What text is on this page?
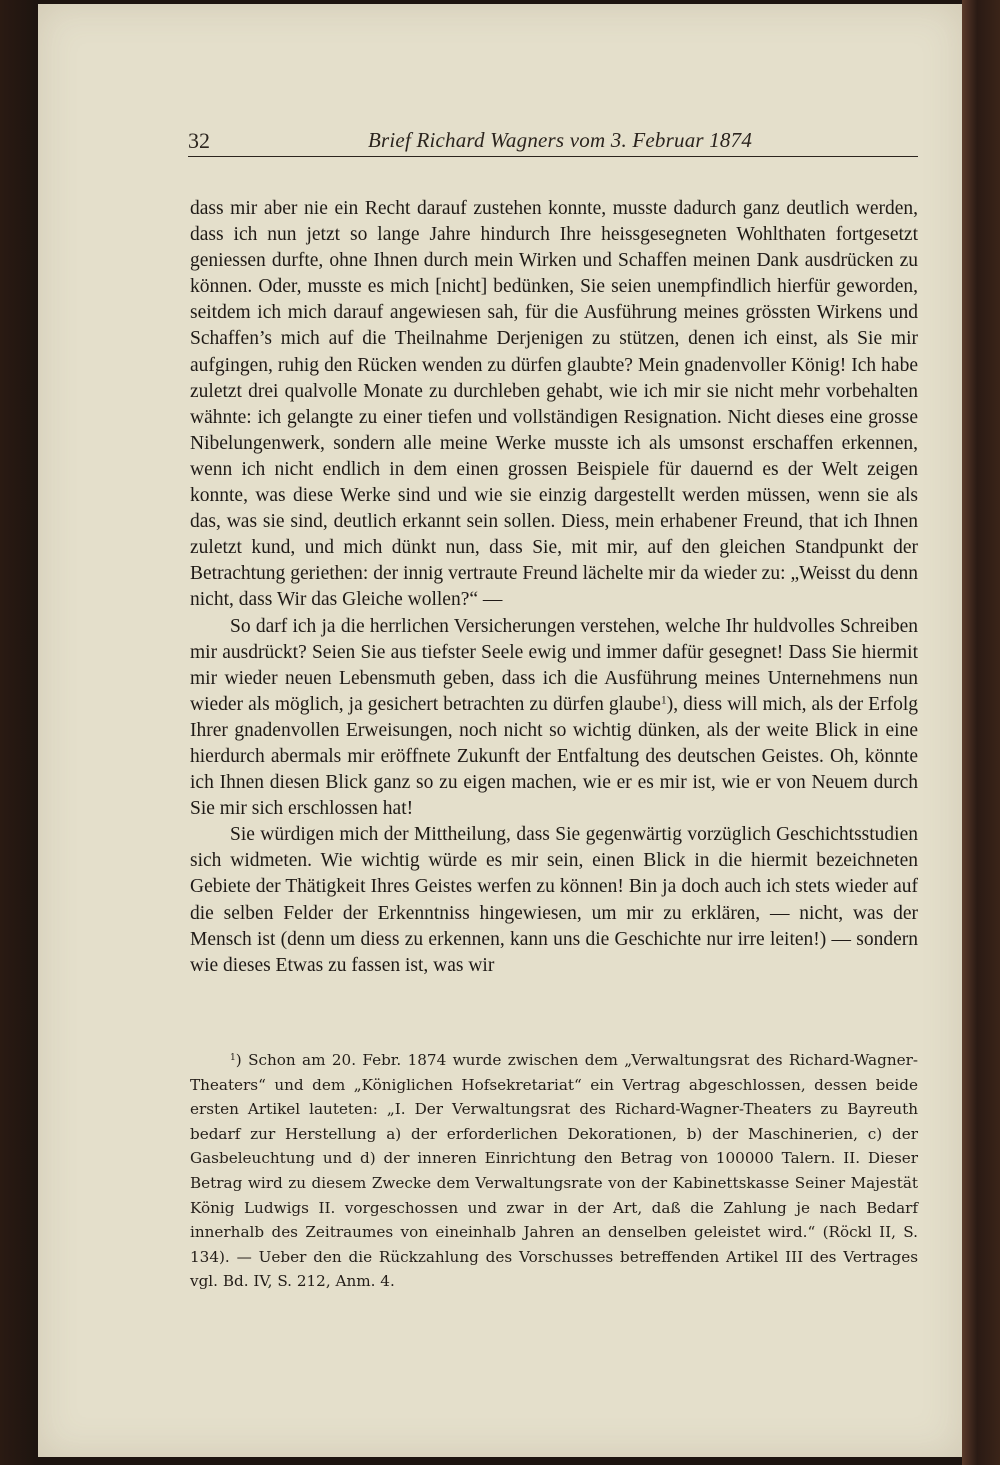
32	Brief Richard Wagners vom 3. Februar 1874

dass mir aber nie ein Recht darauf zustehen konnte, musste dadurch ganz deutlich werden, dass ich nun jetzt so lange Jahre hindurch Ihre heissgesegneten Wohlthaten fortgesetzt geniessen durfte, ohne Ihnen durch mein Wirken und Schaffen meinen Dank ausdrücken zu können. Oder, musste es mich [nicht] bedünken, Sie seien unempfindlich hierfür geworden, seitdem ich mich darauf angewiesen sah, für die Ausführung meines grössten Wirkens und Schaffen’s mich auf die Theilnahme Derjenigen zu stützen, denen ich einst, als Sie mir aufgingen, ruhig den Rücken wenden zu dürfen glaubte? Mein gnadenvoller König! Ich habe zuletzt drei qualvolle Monate zu durchleben gehabt, wie ich mir sie nicht mehr vorbehalten wähnte: ich gelangte zu einer tiefen und vollständigen Resignation. Nicht dieses eine grosse Nibelungenwerk, sondern alle meine Werke musste ich als umsonst erschaffen erkennen, wenn ich nicht endlich in dem einen grossen Beispiele für dauernd es der Welt zeigen konnte, was diese Werke sind und wie sie einzig dargestellt werden müssen, wenn sie als das, was sie sind, deutlich erkannt sein sollen. Diess, mein erhabener Freund, that ich Ihnen zuletzt kund, und mich dünkt nun, dass Sie, mit mir, auf den gleichen Standpunkt der Betrachtung geriethen: der innig vertraute Freund lächelte mir da wieder zu: „Weisst du denn nicht, dass Wir das Gleiche wollen?“ —

So darf ich ja die herrlichen Versicherungen verstehen, welche Ihr huldvolles Schreiben mir ausdrückt? Seien Sie aus tiefster Seele ewig und immer dafür gesegnet! Dass Sie hiermit mir wieder neuen Lebensmuth geben, dass ich die Ausführung meines Unternehmens nun wieder als möglich, ja gesichert betrachten zu dürfen glaube$^1$), diess will mich, als der Erfolg Ihrer gnadenvollen Erweisungen, noch nicht so wichtig dünken, als der weite Blick in eine hierdurch abermals mir eröffnete Zukunft der Entfaltung des deutschen Geistes. Oh, könnte ich Ihnen diesen Blick ganz so zu eigen machen, wie er es mir ist, wie er von Neuem durch Sie mir sich erschlossen hat!

Sie würdigen mich der Mittheilung, dass Sie gegenwärtig vorzüglich Geschichtsstudien sich widmeten. Wie wichtig würde es mir sein, einen Blick in die hiermit bezeichneten Gebiete der Thätigkeit Ihres Geistes werfen zu können! Bin ja doch auch ich stets wieder auf die selben Felder der Erkenntniss hingewiesen, um mir zu erklären, — nicht, was der Mensch ist (denn um diess zu erkennen, kann uns die Geschichte nur irre leiten!) — sondern wie dieses Etwas zu fassen ist, was wir

$^1$) Schon am 20. Febr. 1874 wurde zwischen dem „Verwaltungsrat des Richard-Wagner-Theaters“ und dem „Königlichen Hofsekretariat“ ein Vertrag abgeschlossen, dessen beide ersten Artikel lauteten: „I. Der Verwaltungsrat des Richard-Wagner-Theaters zu Bayreuth bedarf zur Herstellung a) der erforderlichen Dekorationen, b) der Maschinerien, c) der Gasbeleuchtung und d) der inneren Einrichtung den Betrag von 100000 Talern. II. Dieser Betrag wird zu diesem Zwecke dem Verwaltungsrate von der Kabinettskasse Seiner Majestät König Ludwigs II. vorgeschossen und zwar in der Art, daß die Zahlung je nach Bedarf innerhalb des Zeitraumes von eineinhalb Jahren an denselben geleistet wird.“ (Röckl II, S. 134). — Ueber den die Rückzahlung des Vorschusses betreffenden Artikel III des Vertrages vgl. Bd. IV, S. 212, Anm. 4.
